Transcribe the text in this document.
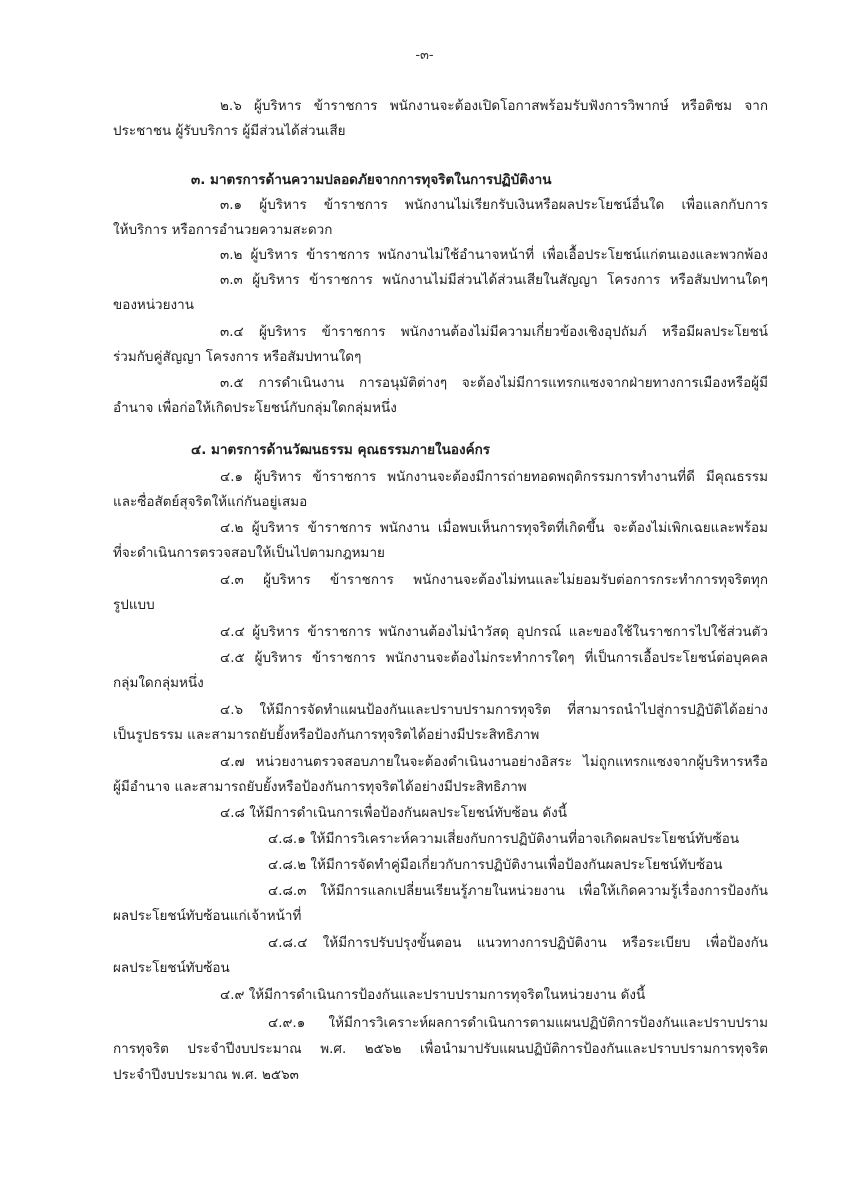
-๓-
๒.๖ ผู้บริหาร ข้าราชการ พนักงานจะต้องเปิดโอกาสพร้อมรับฟังการวิพากษ์ หรือติชม จาก
ประชาชน ผู้รับบริการ ผู้มีส่วนได้ส่วนเสีย
๓. มาตรการด้านความปลอดภัยจากการทุจริตในการปฏิบัติงาน
๓.๑ ผู้บริหาร ข้าราชการ พนักงานไม่เรียกรับเงินหรือผลประโยชน์อื่นใด เพื่อแลกกับการ
ให้บริการ หรือการอำนวยความสะดวก
๓.๒ ผู้บริหาร ข้าราชการ พนักงานไม่ใช้อำนาจหน้าที่ เพื่อเอื้อประโยชน์แก่ตนเองและพวกพ้อง
๓.๓ ผู้บริหาร ข้าราชการ พนักงานไม่มีส่วนได้ส่วนเสียในสัญญา โครงการ หรือสัมปทานใดๆ
ของหน่วยงาน
๓.๔ ผู้บริหาร ข้าราชการ พนักงานต้องไม่มีความเกี่ยวข้องเชิงอุปถัมภ์ หรือมีผลประโยชน์
ร่วมกับคู่สัญญา โครงการ หรือสัมปทานใดๆ
๓.๕ การดำเนินงาน การอนุมัติต่างๆ จะต้องไม่มีการแทรกแซงจากฝ่ายทางการเมืองหรือผู้มี
อำนาจ เพื่อก่อให้เกิดประโยชน์กับกลุ่มใดกลุ่มหนึ่ง
๔. มาตรการด้านวัฒนธรรม คุณธรรมภายในองค์กร
๔.๑ ผู้บริหาร ข้าราชการ พนักงานจะต้องมีการถ่ายทอดพฤติกรรมการทำงานที่ดี มีคุณธรรม
และซื่อสัตย์สุจริตให้แก่กันอยู่เสมอ
๔.๒ ผู้บริหาร ข้าราชการ พนักงาน เมื่อพบเห็นการทุจริตที่เกิดขึ้น จะต้องไม่เพิกเฉยและพร้อม
ที่จะดำเนินการตรวจสอบให้เป็นไปตามกฎหมาย
๔.๓ ผู้บริหาร ข้าราชการ พนักงานจะต้องไม่ทนและไม่ยอมรับต่อการกระทำการทุจริตทุก
รูปแบบ
๔.๔ ผู้บริหาร ข้าราชการ พนักงานต้องไม่นำวัสดุ อุปกรณ์ และของใช้ในราชการไปใช้ส่วนตัว
๔.๕ ผู้บริหาร ข้าราชการ พนักงานจะต้องไม่กระทำการใดๆ ที่เป็นการเอื้อประโยชน์ต่อบุคคล
กลุ่มใดกลุ่มหนึ่ง
๔.๖ ให้มีการจัดทำแผนป้องกันและปราบปรามการทุจริต ที่สามารถนำไปสู่การปฏิบัติได้อย่าง
เป็นรูปธรรม และสามารถยับยั้งหรือป้องกันการทุจริตได้อย่างมีประสิทธิภาพ
๔.๗ หน่วยงานตรวจสอบภายในจะต้องดำเนินงานอย่างอิสระ ไม่ถูกแทรกแซงจากผู้บริหารหรือ
ผู้มีอำนาจ และสามารถยับยั้งหรือป้องกันการทุจริตได้อย่างมีประสิทธิภาพ
๔.๘ ให้มีการดำเนินการเพื่อป้องกันผลประโยชน์ทับซ้อน ดังนี้
๔.๘.๑ ให้มีการวิเคราะห์ความเสี่ยงกับการปฏิบัติงานที่อาจเกิดผลประโยชน์ทับซ้อน
๔.๘.๒ ให้มีการจัดทำคู่มือเกี่ยวกับการปฏิบัติงานเพื่อป้องกันผลประโยชน์ทับซ้อน
๔.๘.๓ ให้มีการแลกเปลี่ยนเรียนรู้ภายในหน่วยงาน เพื่อให้เกิดความรู้เรื่องการป้องกัน
ผลประโยชน์ทับซ้อนแก่เจ้าหน้าที่
๔.๘.๔ ให้มีการปรับปรุงขั้นตอน แนวทางการปฏิบัติงาน หรือระเบียบ เพื่อป้องกัน
ผลประโยชน์ทับซ้อน
๔.๙ ให้มีการดำเนินการป้องกันและปราบปรามการทุจริตในหน่วยงาน ดังนี้
๔.๙.๑ ให้มีการวิเคราะห์ผลการดำเนินการตามแผนปฏิบัติการป้องกันและปราบปราม
การทุจริต ประจำปีงบประมาณ พ.ศ. ๒๕๖๒ เพื่อนำมาปรับแผนปฏิบัติการป้องกันและปราบปรามการทุจริต
ประจำปีงบประมาณ พ.ศ. ๒๕๖๓
